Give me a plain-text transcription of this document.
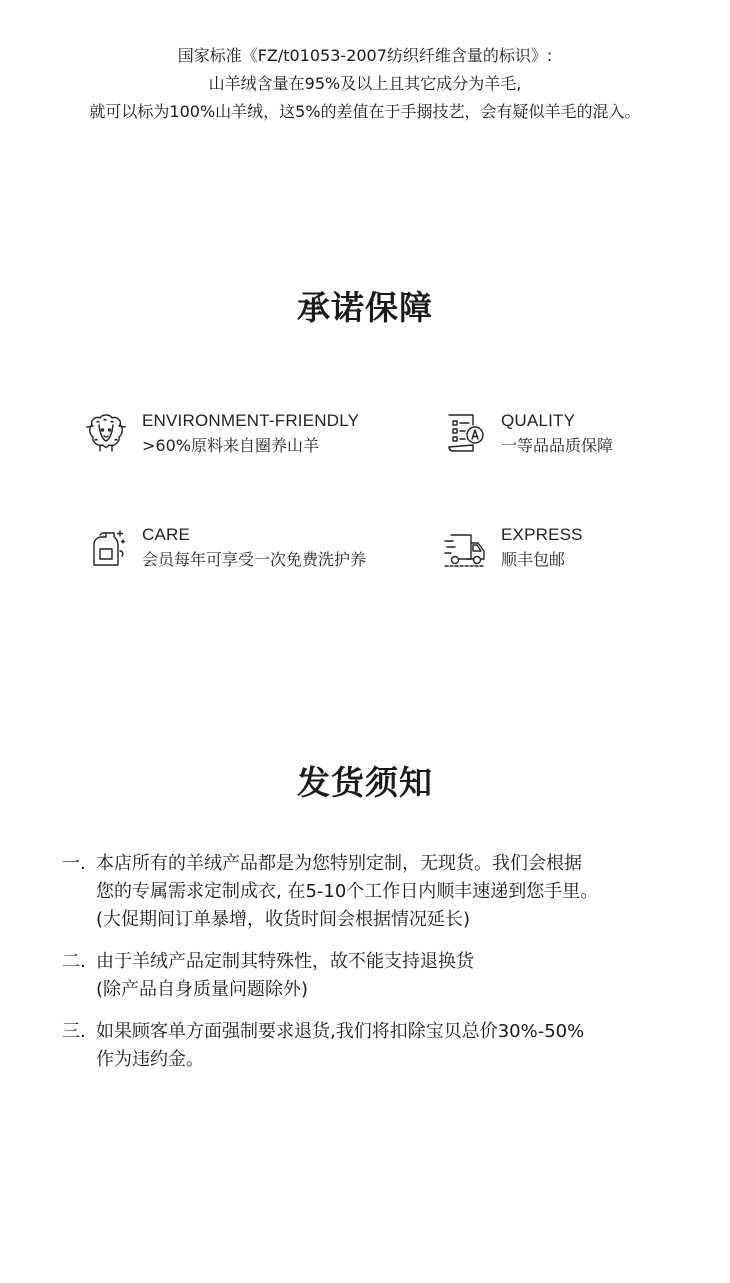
国家标准《FZ/t01053-2007纺织纤维含量的标识》:
山羊绒含量在95%及以上且其它成分为羊毛,
就可以标为100%山羊绒，这5%的差值在于手搦技艺，会有疑似羊毛的混入。
承诺保障
ENVIRONMENT-FRIENDLY
>60%原料来自圈养山羊
QUALITY
一等品品质保障
CARE
会员每年可享受一次免费洗护养
EXPRESS
顺丰包邮
发货须知
一. 本店所有的羊绒产品都是为您特别定制，无现货。我们会根据
您的专属需求定制成衣, 在5-10个工作日内顺丰速递到您手里。
(大促期间订单暴增，收货时间会根据情况延长)
二. 由于羊绒产品定制其特殊性，故不能支持退换货
(除产品自身质量问题除外)
三. 如果顾客单方面强制要求退货,我们将扣除宝贝总价30%-50%
作为违约金。
